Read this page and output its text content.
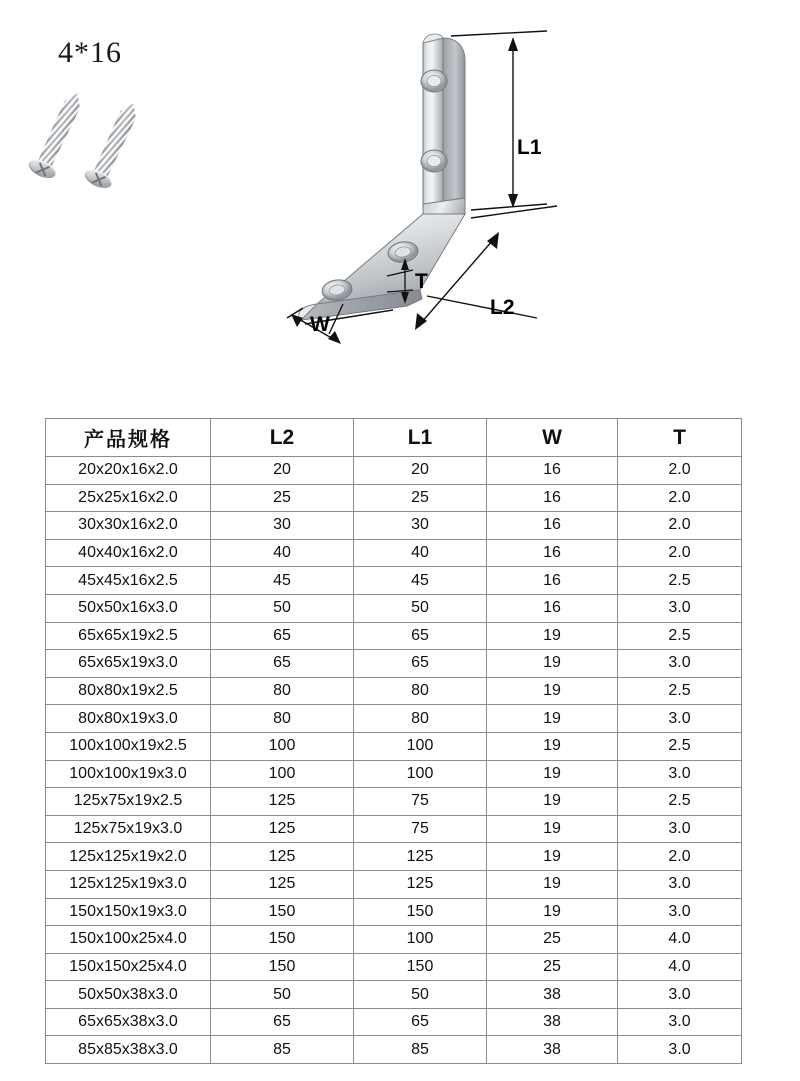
4*16
L1
L2
W
T
产品规格	L2	L1	W	T
20x20x16x2.0	20	20	16	2.0
25x25x16x2.0	25	25	16	2.0
30x30x16x2.0	30	30	16	2.0
40x40x16x2.0	40	40	16	2.0
45x45x16x2.5	45	45	16	2.5
50x50x16x3.0	50	50	16	3.0
65x65x19x2.5	65	65	19	2.5
65x65x19x3.0	65	65	19	3.0
80x80x19x2.5	80	80	19	2.5
80x80x19x3.0	80	80	19	3.0
100x100x19x2.5	100	100	19	2.5
100x100x19x3.0	100	100	19	3.0
125x75x19x2.5	125	75	19	2.5
125x75x19x3.0	125	75	19	3.0
125x125x19x2.0	125	125	19	2.0
125x125x19x3.0	125	125	19	3.0
150x150x19x3.0	150	150	19	3.0
150x100x25x4.0	150	100	25	4.0
150x150x25x4.0	150	150	25	4.0
50x50x38x3.0	50	50	38	3.0
65x65x38x3.0	65	65	38	3.0
85x85x38x3.0	85	85	38	3.0
